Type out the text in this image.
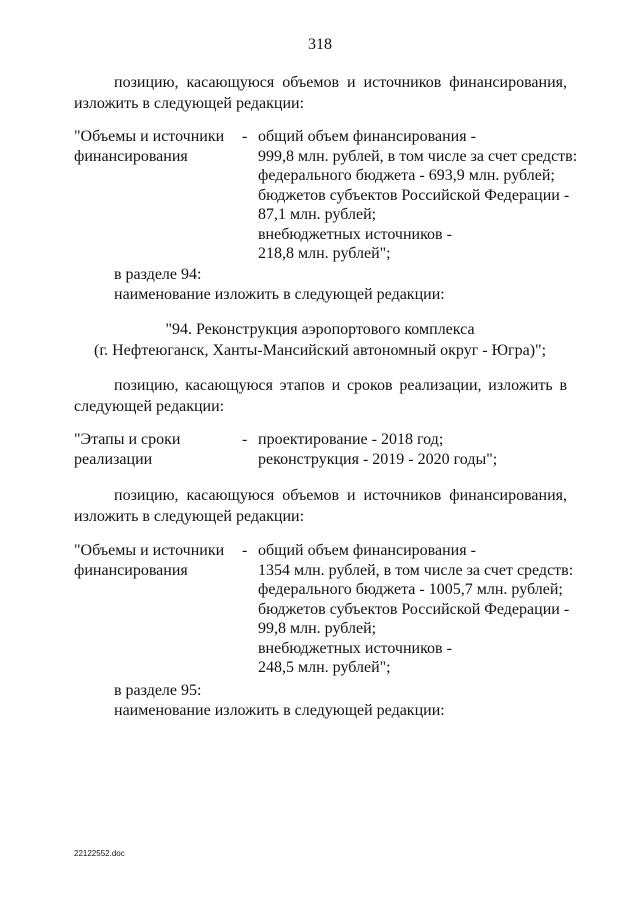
318
позицию, касающуюся объемов и источников финансирования,
изложить в следующей редакции:
"Объемы и источники
финансирования
- общий объем финансирования -
999,8 млн. рублей, в том числе за счет средств:
федерального бюджета - 693,9 млн. рублей;
бюджетов субъектов Российской Федерации -
87,1 млн. рублей;
внебюджетных источников -
218,8 млн. рублей";
в разделе 94:
наименование изложить в следующей редакции:
"94. Реконструкция аэропортового комплекса
(г. Нефтеюганск, Ханты-Мансийский автономный округ - Югра)";
позицию, касающуюся этапов и сроков реализации, изложить в
следующей редакции:
"Этапы и сроки
реализации
- проектирование - 2018 год;
реконструкция - 2019 - 2020 годы";
позицию, касающуюся объемов и источников финансирования,
изложить в следующей редакции:
"Объемы и источники
финансирования
- общий объем финансирования -
1354 млн. рублей, в том числе за счет средств:
федерального бюджета - 1005,7 млн. рублей;
бюджетов субъектов Российской Федерации -
99,8 млн. рублей;
внебюджетных источников -
248,5 млн. рублей";
в разделе 95:
наименование изложить в следующей редакции:
22122552.doc
